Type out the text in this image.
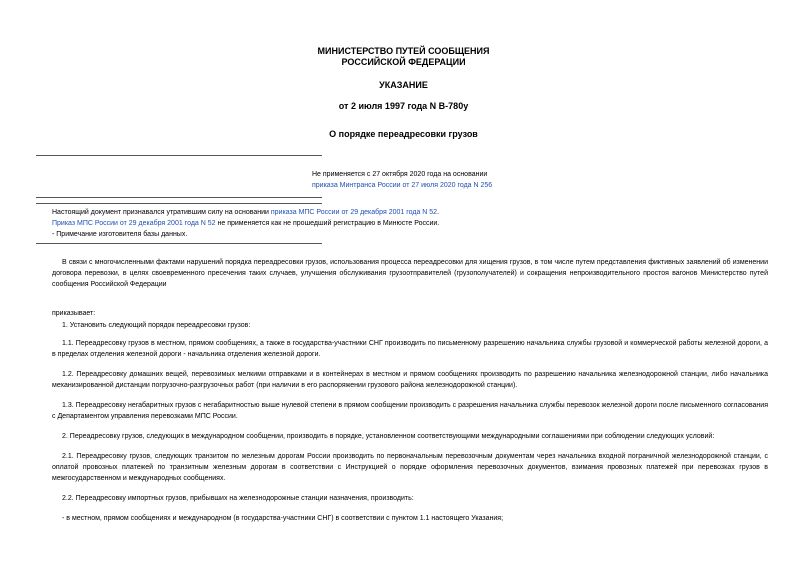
МИНИСТЕРСТВО ПУТЕЙ СООБЩЕНИЯ
РОССИЙСКОЙ ФЕДЕРАЦИИ
УКАЗАНИЕ
от 2 июля 1997 года N В-780у
О порядке переадресовки грузов
Не применяется с 27 октября 2020 года на основании
приказа Минтранса России от 27 июля 2020 года N 256
Настоящий документ признавался утратившим силу на основании приказа МПС России от 29 декабря 2001 года N 52.
Приказ МПС России от 29 декабря 2001 года N 52 не применяется как не прошедший регистрацию в Минюсте России.
- Примечание изготовителя базы данных.
В связи с многочисленными фактами нарушений порядка переадресовки грузов, использования процесса переадресовки для хищения грузов, в том числе путем представления фиктивных заявлений об изменении договора перевозки, в целях своевременного пресечения таких случаев, улучшения обслуживания грузоотправителей (грузополучателей) и сокращения непроизводительного простоя вагонов Министерство путей сообщения Российской Федерации
приказывает:
1. Установить следующий порядок переадресовки грузов:
1.1. Переадресовку грузов в местном, прямом сообщениях, а также в государства-участники СНГ производить по письменному разрешению начальника службы грузовой и коммерческой работы железной дороги, а в пределах отделения железной дороги - начальника отделения железной дороги.
1.2. Переадресовку домашних вещей, перевозимых мелкими отправками и в контейнерах в местном и прямом сообщениях производить по разрешению начальника железнодорожной станции, либо начальника механизированной дистанции погрузочно-разгрузочных работ (при наличии в его распоряжении грузового района железнодорожной станции).
1.3. Переадресовку негабаритных грузов с негабаритностью выше нулевой степени в прямом сообщении производить с разрешения начальника службы перевозок железной дороги после письменного согласования с Департаментом управления перевозками МПС России.
2. Переадресовку грузов, следующих в международном сообщении, производить в порядке, установленном соответствующими международными соглашениями при соблюдении следующих условий:
2.1. Переадресовку грузов, следующих транзитом по железным дорогам России производить по первоначальным перевозочным документам через начальника входной пограничной железнодорожной станции, с оплатой провозных платежей по транзитным железным дорогам в соответствии с Инструкцией о порядке оформления перевозочных документов, взимания провозных платежей при перевозках грузов в межгосударственном и международных сообщениях.
2.2. Переадресовку импортных грузов, прибывших на железнодорожные станции назначения, производить:
- в местном, прямом сообщениях и международном (в государства-участники СНГ) в соответствии с пунктом 1.1 настоящего Указания;
